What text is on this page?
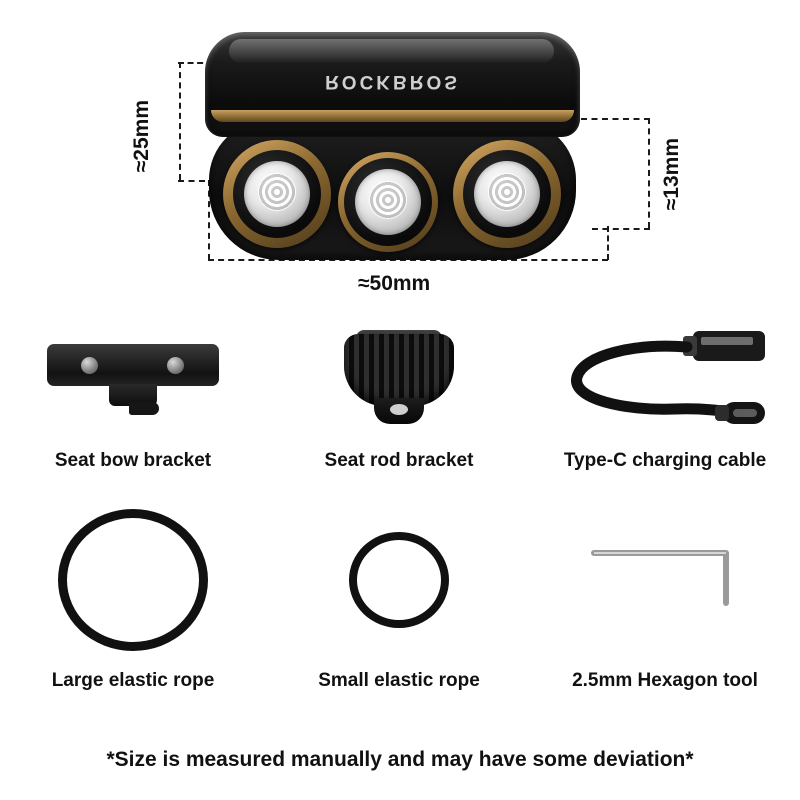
≈25mm
≈13mm
≈50mm
ROCKBROS
Seat bow bracket	Seat rod bracket	Type-C charging cable
Large elastic rope	Small elastic rope	2.5mm Hexagon tool
*Size is measured manually and may have some deviation*
